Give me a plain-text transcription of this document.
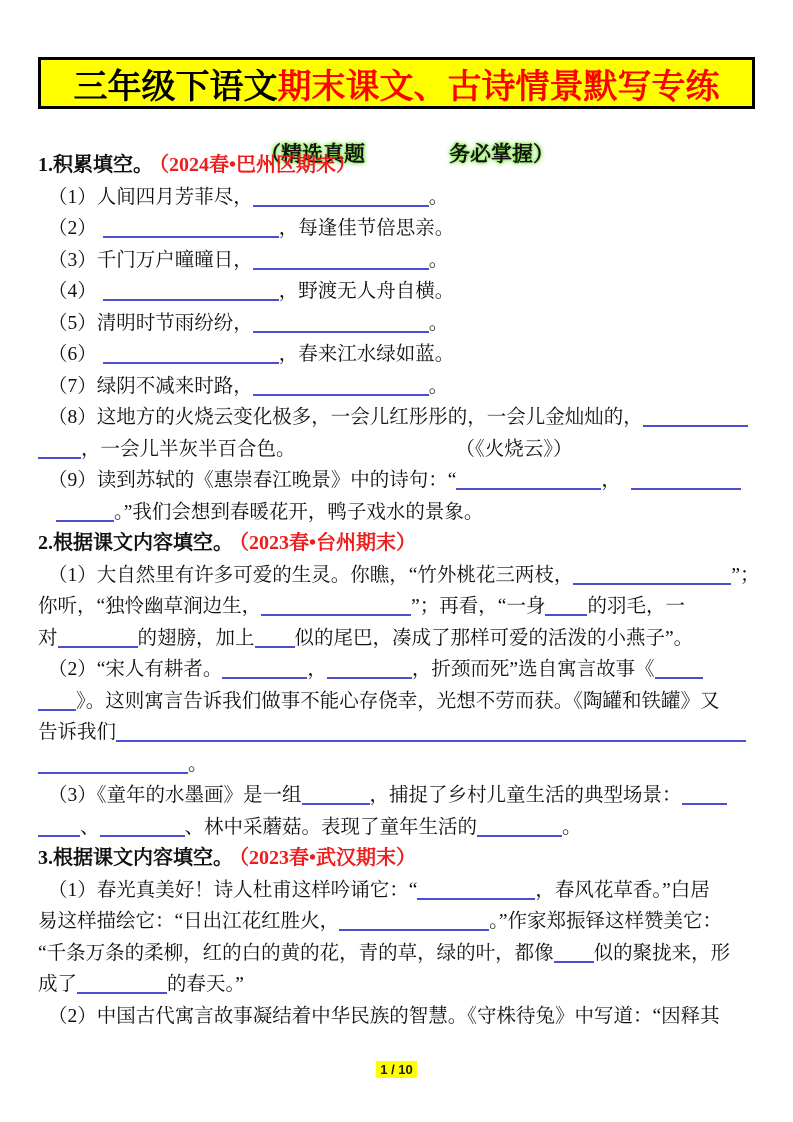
三年级下语文 期末课文、古诗情景默写专练

（精选真题　　　　务必掌握）

1.积累填空。 （2024春•巴州区期末）
（1）人间四月芳菲尽，	。
（2）	，每逢佳节倍思亲。
（3）千门万户曈曈日，	。
（4）	，野渡无人舟自横。
（5）清明时节雨纷纷，	。
（6）	，春来江水绿如蓝。
（7）绿阴不减来时路，	。
（8）这地方的火烧云变化极多，一会儿红彤彤的，一会儿金灿灿的，
，一会儿半灰半百合色。	（《火烧云》）
（9）读到苏轼的《惠崇春江晚景》中的诗句：“	，
。”我们会想到春暖花开，鸭子戏水的景象。
2.根据课文内容填空。 （2023春•台州期末）
（1）大自然里有许多可爱的生灵。你瞧，“竹外桃花三两枝，	”；
你听，“独怜幽草涧边生，	”；再看，“一身 的羽毛，一
对	的翅膀，加上 似的尾巴，凑成了那样可爱的活泼的小燕子”。
（2）“宋人有耕者。	，	，折颈而死”选自寓言故事《
》。这则寓言告诉我们做事不能心存侥幸，光想不劳而获。《陶罐和铁罐》又
告诉我们
。
（3）《童年的水墨画》是一组	，捕捉了乡村儿童生活的典型场景：
、	、林中采蘑菇。表现了童年生活的	。
3.根据课文内容填空。 （2023春•武汉期末）
（1）春光真美好！诗人杜甫这样吟诵它：“	，春风花草香。”白居
易这样描绘它：“日出江花红胜火，	。”作家郑振铎这样赞美它：
“千条万条的柔柳，红的白的黄的花，青的草，绿的叶，都像 似的聚拢来，形
成了	的春天。”
（2）中国古代寓言故事凝结着中华民族的智慧。《守株待兔》中写道：“因释其
1 / 10
